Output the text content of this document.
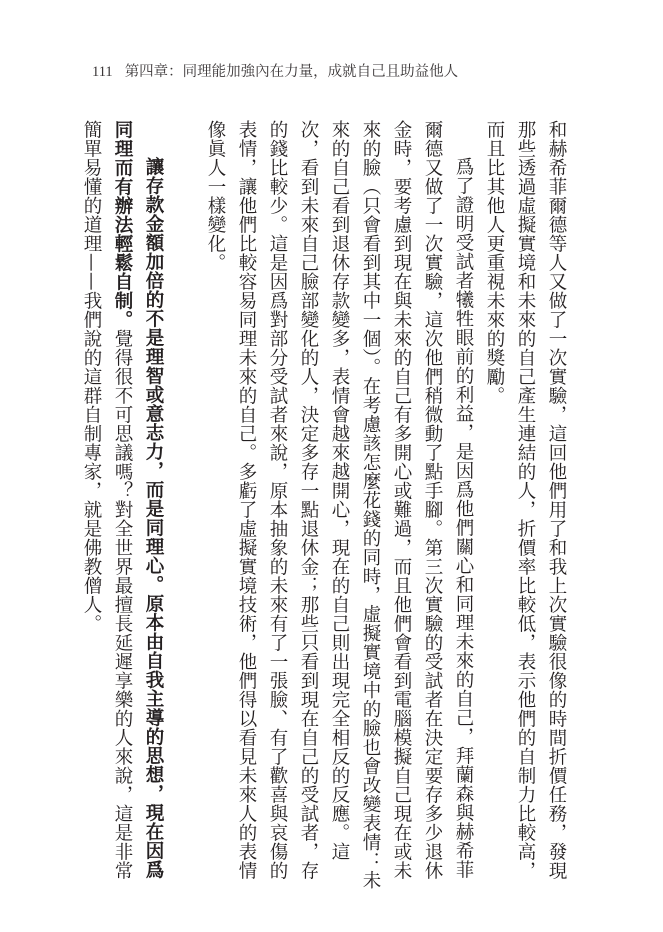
111 第四章：同理能加強內在力量，成就自己且助益他人

和赫希菲爾德等人又做了一次實驗，這回他們用了和我上次實驗很像的時間折價任務，發現那些透過虛擬實境和未來的自己產生連結的人，折價率比較低，表示他們的自制力比較高，而且比其他人更重視未來的獎勵。

爲了證明受試者犧牲眼前的利益，是因爲他們關心和同理未來的自己，拜蘭森與赫希菲爾德又做了一次實驗，這次他們稍微動了點手腳。第三次實驗的受試者在決定要存多少退休金時，要考慮到現在與未來的自己有多開心或難過，而且他們會看到電腦模擬自己現在或未來的臉（只會看到其中一個）。在考慮該怎麼花錢的同時，虛擬實境中的臉也會改變表情：未來的自己看到退休存款變多，表情會越來越開心，現在的自己則出現完全相反的反應。這次，看到未來自己臉部變化的人，決定多存一點退休金；那些只看到現在自己的受試者，存的錢比較少。這是因爲對部分受試者來說，原本抽象的未來有了一張臉、有了歡喜與哀傷的表情，讓他們比較容易同理未來的自己。多虧了虛擬實境技術，他們得以看見未來人的表情像眞人一樣變化。

讓存款金額加倍的不是理智或意志力，而是同理心。原本由自我主導的思想，現在因爲同理而有辦法輕鬆自制。覺得很不可思議嗎？對全世界最擅長延遲享樂的人來說，這是非常簡單易懂的道理——我們說的這群自制專家，就是佛教僧人。
